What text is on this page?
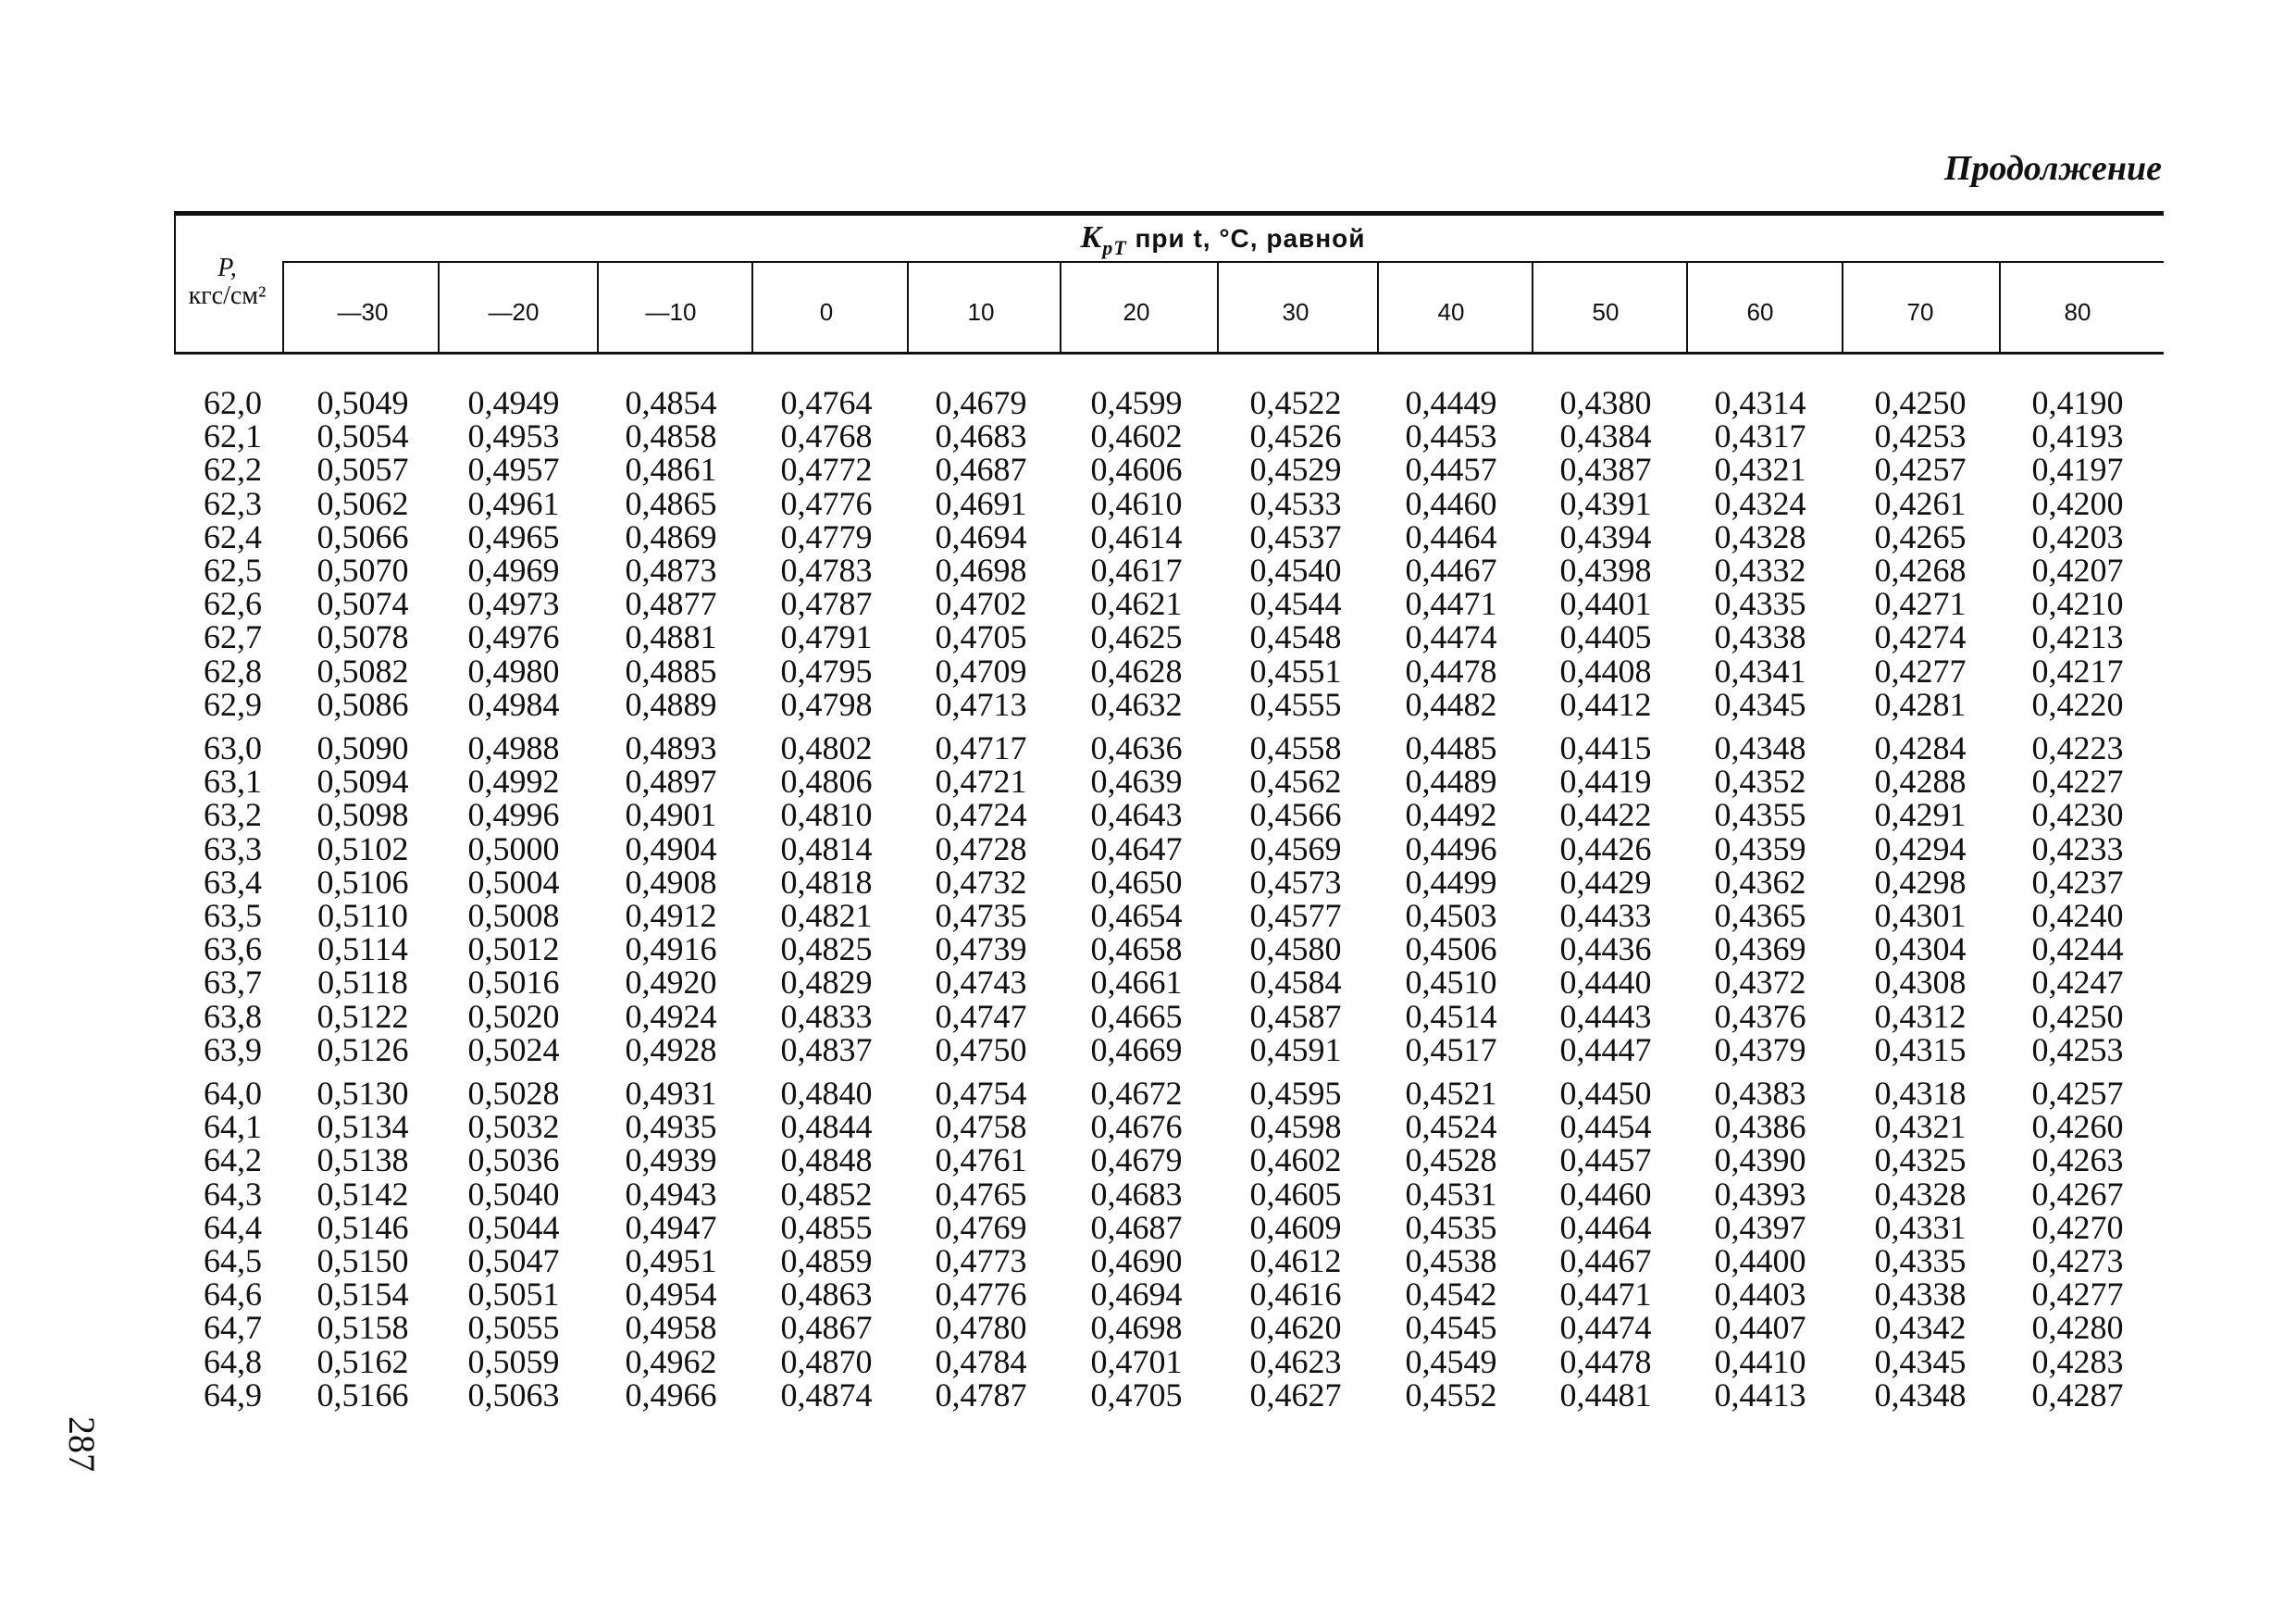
Продолжение
P,
кгс/см²
$K_{pT}$ при t, °C, равной
—30	—20	—10	0	10	20	30	40	50	60	70	80
62,0	0,5049	0,4949	0,4854	0,4764	0,4679	0,4599	0,4522	0,4449	0,4380	0,4314	0,4250	0,4190
62,1	0,5054	0,4953	0,4858	0,4768	0,4683	0,4602	0,4526	0,4453	0,4384	0,4317	0,4253	0,4193
62,2	0,5057	0,4957	0,4861	0,4772	0,4687	0,4606	0,4529	0,4457	0,4387	0,4321	0,4257	0,4197
62,3	0,5062	0,4961	0,4865	0,4776	0,4691	0,4610	0,4533	0,4460	0,4391	0,4324	0,4261	0,4200
62,4	0,5066	0,4965	0,4869	0,4779	0,4694	0,4614	0,4537	0,4464	0,4394	0,4328	0,4265	0,4203
62,5	0,5070	0,4969	0,4873	0,4783	0,4698	0,4617	0,4540	0,4467	0,4398	0,4332	0,4268	0,4207
62,6	0,5074	0,4973	0,4877	0,4787	0,4702	0,4621	0,4544	0,4471	0,4401	0,4335	0,4271	0,4210
62,7	0,5078	0,4976	0,4881	0,4791	0,4705	0,4625	0,4548	0,4474	0,4405	0,4338	0,4274	0,4213
62,8	0,5082	0,4980	0,4885	0,4795	0,4709	0,4628	0,4551	0,4478	0,4408	0,4341	0,4277	0,4217
62,9	0,5086	0,4984	0,4889	0,4798	0,4713	0,4632	0,4555	0,4482	0,4412	0,4345	0,4281	0,4220
63,0	0,5090	0,4988	0,4893	0,4802	0,4717	0,4636	0,4558	0,4485	0,4415	0,4348	0,4284	0,4223
63,1	0,5094	0,4992	0,4897	0,4806	0,4721	0,4639	0,4562	0,4489	0,4419	0,4352	0,4288	0,4227
63,2	0,5098	0,4996	0,4901	0,4810	0,4724	0,4643	0,4566	0,4492	0,4422	0,4355	0,4291	0,4230
63,3	0,5102	0,5000	0,4904	0,4814	0,4728	0,4647	0,4569	0,4496	0,4426	0,4359	0,4294	0,4233
63,4	0,5106	0,5004	0,4908	0,4818	0,4732	0,4650	0,4573	0,4499	0,4429	0,4362	0,4298	0,4237
63,5	0,5110	0,5008	0,4912	0,4821	0,4735	0,4654	0,4577	0,4503	0,4433	0,4365	0,4301	0,4240
63,6	0,5114	0,5012	0,4916	0,4825	0,4739	0,4658	0,4580	0,4506	0,4436	0,4369	0,4304	0,4244
63,7	0,5118	0,5016	0,4920	0,4829	0,4743	0,4661	0,4584	0,4510	0,4440	0,4372	0,4308	0,4247
63,8	0,5122	0,5020	0,4924	0,4833	0,4747	0,4665	0,4587	0,4514	0,4443	0,4376	0,4312	0,4250
63,9	0,5126	0,5024	0,4928	0,4837	0,4750	0,4669	0,4591	0,4517	0,4447	0,4379	0,4315	0,4253
64,0	0,5130	0,5028	0,4931	0,4840	0,4754	0,4672	0,4595	0,4521	0,4450	0,4383	0,4318	0,4257
64,1	0,5134	0,5032	0,4935	0,4844	0,4758	0,4676	0,4598	0,4524	0,4454	0,4386	0,4321	0,4260
64,2	0,5138	0,5036	0,4939	0,4848	0,4761	0,4679	0,4602	0,4528	0,4457	0,4390	0,4325	0,4263
64,3	0,5142	0,5040	0,4943	0,4852	0,4765	0,4683	0,4605	0,4531	0,4460	0,4393	0,4328	0,4267
64,4	0,5146	0,5044	0,4947	0,4855	0,4769	0,4687	0,4609	0,4535	0,4464	0,4397	0,4331	0,4270
64,5	0,5150	0,5047	0,4951	0,4859	0,4773	0,4690	0,4612	0,4538	0,4467	0,4400	0,4335	0,4273
64,6	0,5154	0,5051	0,4954	0,4863	0,4776	0,4694	0,4616	0,4542	0,4471	0,4403	0,4338	0,4277
64,7	0,5158	0,5055	0,4958	0,4867	0,4780	0,4698	0,4620	0,4545	0,4474	0,4407	0,4342	0,4280
64,8	0,5162	0,5059	0,4962	0,4870	0,4784	0,4701	0,4623	0,4549	0,4478	0,4410	0,4345	0,4283
64,9	0,5166	0,5063	0,4966	0,4874	0,4787	0,4705	0,4627	0,4552	0,4481	0,4413	0,4348	0,4287
287
